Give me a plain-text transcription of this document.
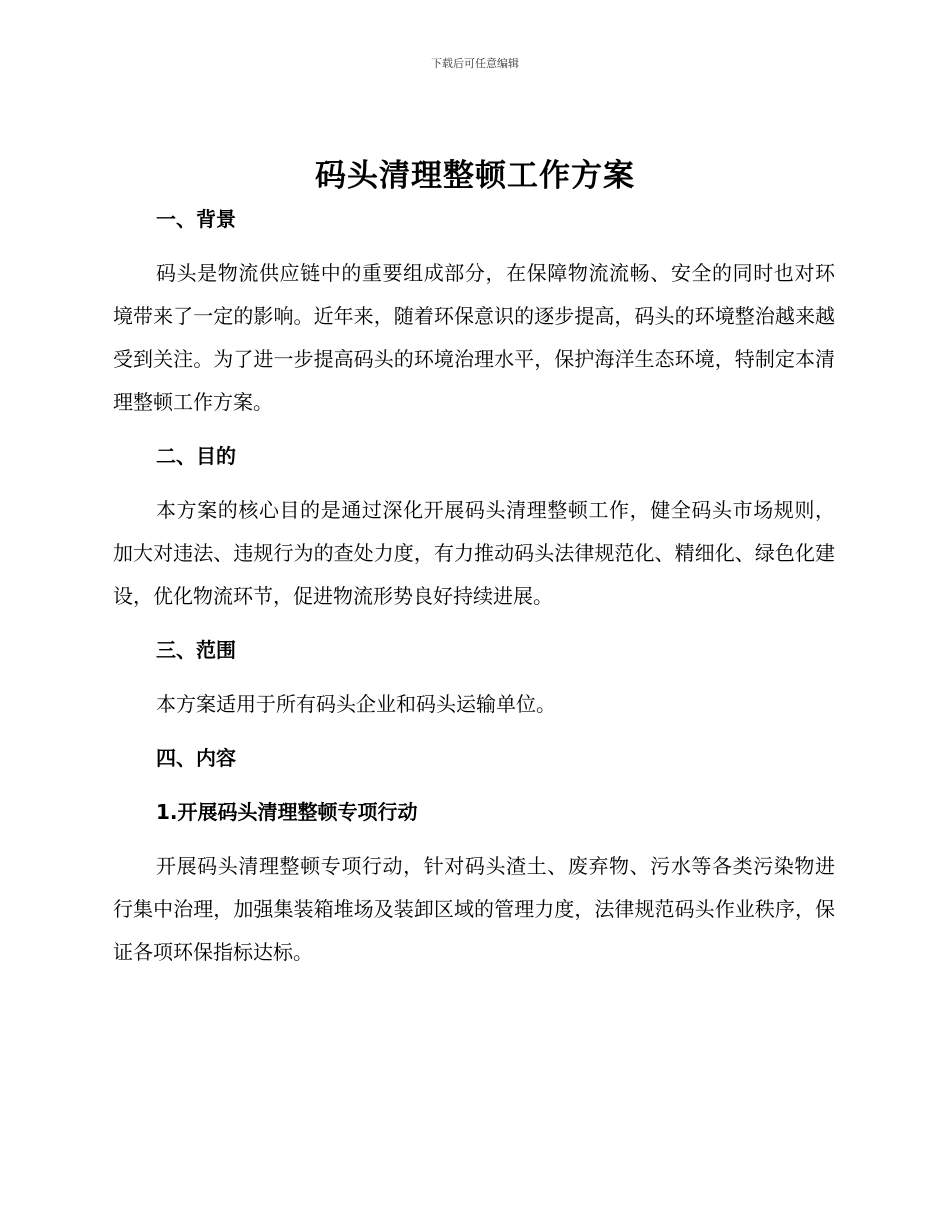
下载后可任意编辑
码头清理整顿工作方案
一、背景

码头是物流供应链中的重要组成部分，在保障物流流畅、安全的同时也对环境带来了一定的影响。近年来，随着环保意识的逐步提高，码头的环境整治越来越受到关注。为了进一步提高码头的环境治理水平，保护海洋生态环境，特制定本清理整顿工作方案。

二、目的

本方案的核心目的是通过深化开展码头清理整顿工作，健全码头市场规则，加大对违法、违规行为的查处力度，有力推动码头法律规范化、精细化、绿色化建设，优化物流环节，促进物流形势良好持续进展。

三、范围

本方案适用于所有码头企业和码头运输单位。

四、内容
1.开展码头清理整顿专项行动

开展码头清理整顿专项行动，针对码头渣土、废弃物、污水等各类污染物进行集中治理，加强集装箱堆场及装卸区域的管理力度，法律规范码头作业秩序，保证各项环保指标达标。
